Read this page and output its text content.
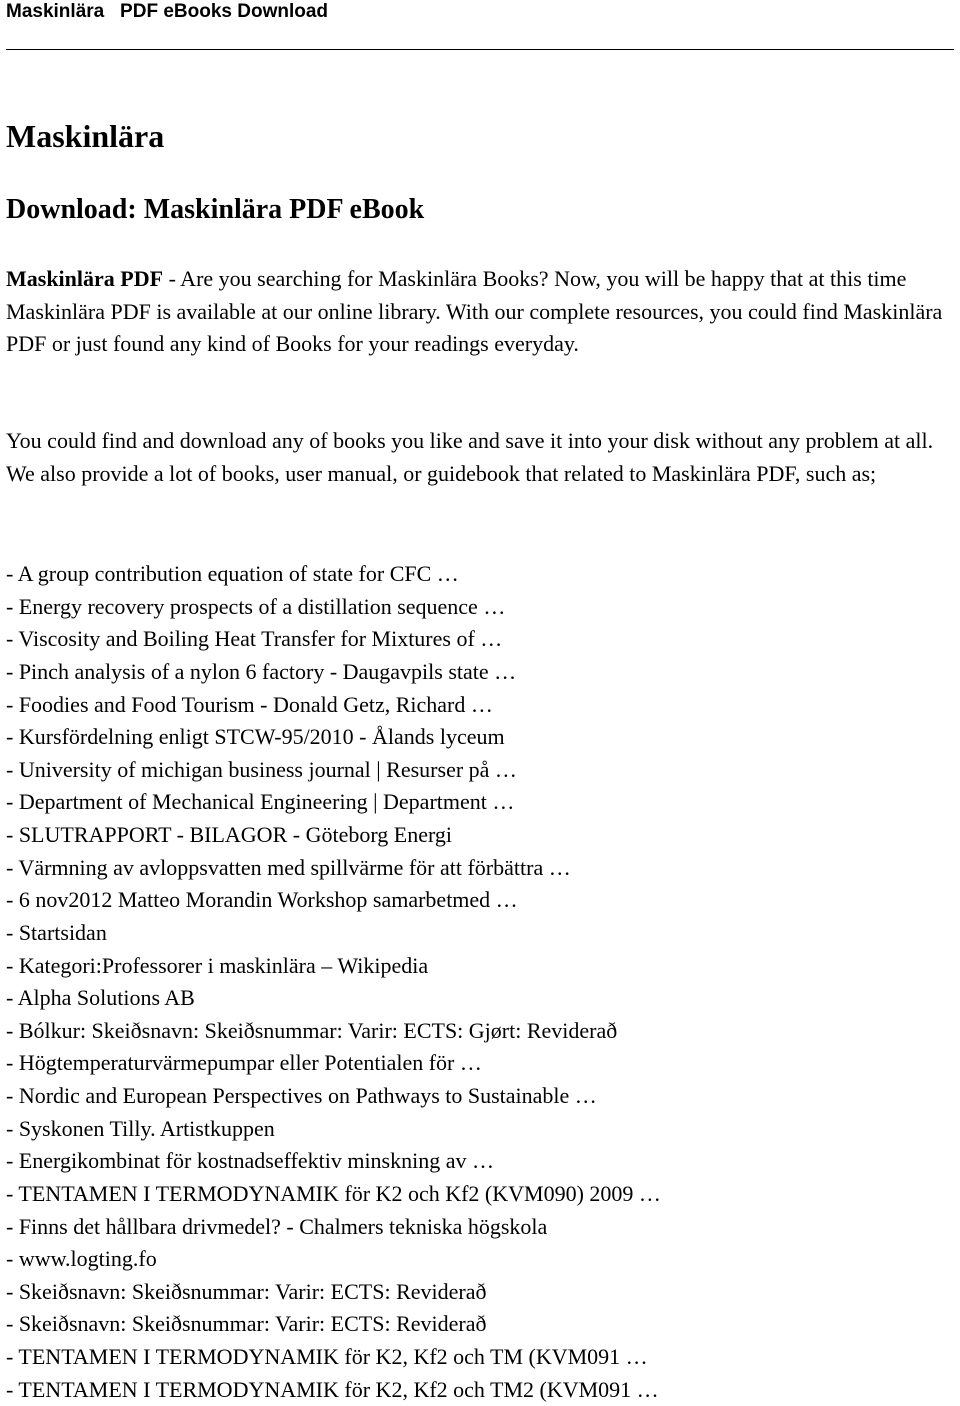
Maskinlära   PDF eBooks Download
Maskinlära
Download: Maskinlära PDF eBook

Maskinlära PDF - Are you searching for Maskinlära Books? Now, you will be happy that at this time Maskinlära PDF is available at our online library. With our complete resources, you could find Maskinlära PDF or just found any kind of Books for your readings everyday.

You could find and download any of books you like and save it into your disk without any problem at all. We also provide a lot of books, user manual, or guidebook that related to Maskinlära PDF, such as;

- A group contribution equation of state for CFC …
- Energy recovery prospects of a distillation sequence …
- Viscosity and Boiling Heat Transfer for Mixtures of …
- Pinch analysis of a nylon 6 factory - Daugavpils state …
- Foodies and Food Tourism - Donald Getz, Richard …
- Kursfördelning enligt STCW-95/2010 - Ålands lyceum
- University of michigan business journal | Resurser på …
- Department of Mechanical Engineering | Department …
- SLUTRAPPORT - BILAGOR - Göteborg Energi
- Värmning av avloppsvatten med spillvärme för att förbättra …
- 6 nov2012 Matteo Morandin Workshop samarbetmed …
- Startsidan
- Kategori:Professorer i maskinlära – Wikipedia
- Alpha Solutions AB
- Bólkur: Skeiðsnavn: Skeiðsnummar: Varir: ECTS: Gjørt: Reviderað
- Högtemperaturvärmepumpar eller Potentialen för …
- Nordic and European Perspectives on Pathways to Sustainable …
- Syskonen Tilly. Artistkuppen
- Energikombinat för kostnadseffektiv minskning av …
- TENTAMEN I TERMODYNAMIK för K2 och Kf2 (KVM090) 2009 …
- Finns det hållbara drivmedel? - Chalmers tekniska högskola
- www.logting.fo
- Skeiðsnavn: Skeiðsnummar: Varir: ECTS: Reviderað
- Skeiðsnavn: Skeiðsnummar: Varir: ECTS: Reviderað
- TENTAMEN I TERMODYNAMIK för K2, Kf2 och TM (KVM091 …
- TENTAMEN I TERMODYNAMIK för K2, Kf2 och TM2 (KVM091 …
